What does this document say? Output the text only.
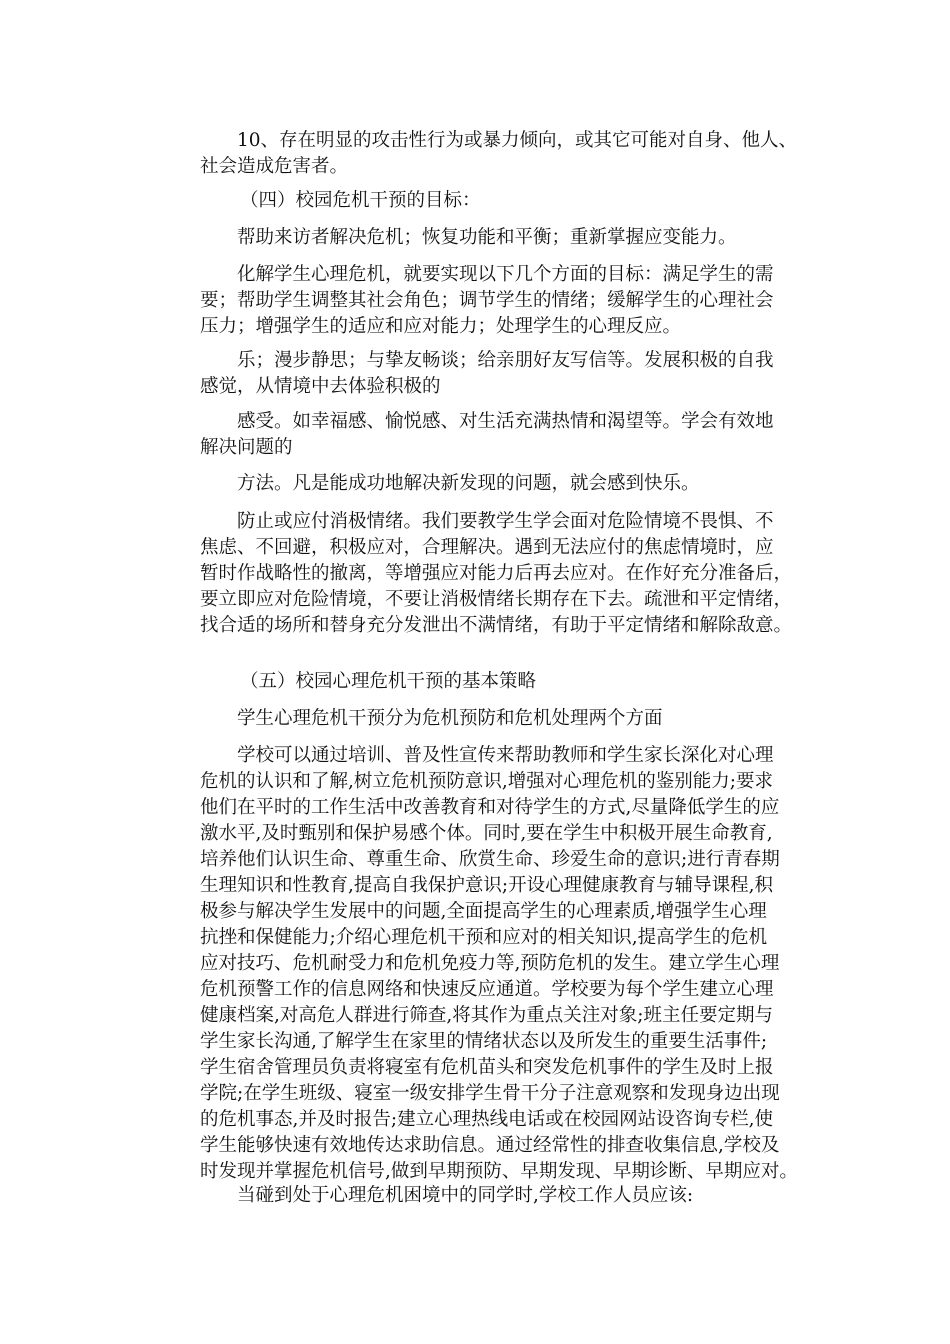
10、存在明显的攻击性行为或暴力倾向，或其它可能对自身、他人、
社会造成危害者。

（四）校园危机干预的目标：

帮助来访者解决危机；恢复功能和平衡；重新掌握应变能力。

化解学生心理危机，就要实现以下几个方面的目标：满足学生的需
要；帮助学生调整其社会角色；调节学生的情绪；缓解学生的心理社会
压力；增强学生的适应和应对能力；处理学生的心理反应。

乐；漫步静思；与挚友畅谈；给亲朋好友写信等。发展积极的自我
感觉，从情境中去体验积极的

感受。如幸福感、愉悦感、对生活充满热情和渴望等。学会有效地
解决问题的

方法。凡是能成功地解决新发现的问题，就会感到快乐。

防止或应付消极情绪。我们要教学生学会面对危险情境不畏惧、不
焦虑、不回避，积极应对，合理解决。遇到无法应付的焦虑情境时，应
暂时作战略性的撤离，等增强应对能力后再去应对。在作好充分准备后，
要立即应对危险情境，不要让消极情绪长期存在下去。疏泄和平定情绪，
找合适的场所和替身充分发泄出不满情绪，有助于平定情绪和解除敌意。

（五）校园心理危机干预的基本策略

学生心理危机干预分为危机预防和危机处理两个方面

学校可以通过培训、普及性宣传来帮助教师和学生家长深化对心理
危机的认识和了解,树立危机预防意识,增强对心理危机的鉴别能力;要求
他们在平时的工作生活中改善教育和对待学生的方式,尽量降低学生的应
激水平,及时甄别和保护易感个体。同时,要在学生中积极开展生命教育,
培养他们认识生命、尊重生命、欣赏生命、珍爱生命的意识;进行青春期
生理知识和性教育,提高自我保护意识;开设心理健康教育与辅导课程,积
极参与解决学生发展中的问题,全面提高学生的心理素质,增强学生心理
抗挫和保健能力;介绍心理危机干预和应对的相关知识,提高学生的危机
应对技巧、危机耐受力和危机免疫力等,预防危机的发生。建立学生心理
危机预警工作的信息网络和快速反应通道。学校要为每个学生建立心理
健康档案,对高危人群进行筛查,将其作为重点关注对象;班主任要定期与
学生家长沟通,了解学生在家里的情绪状态以及所发生的重要生活事件;
学生宿舍管理员负责将寝室有危机苗头和突发危机事件的学生及时上报
学院;在学生班级、寝室一级安排学生骨干分子注意观察和发现身边出现
的危机事态,并及时报告;建立心理热线电话或在校园网站设咨询专栏,使
学生能够快速有效地传达求助信息。通过经常性的排查收集信息,学校及
时发现并掌握危机信号,做到早期预防、早期发现、早期诊断、早期应对。

当碰到处于心理危机困境中的同学时,学校工作人员应该:
